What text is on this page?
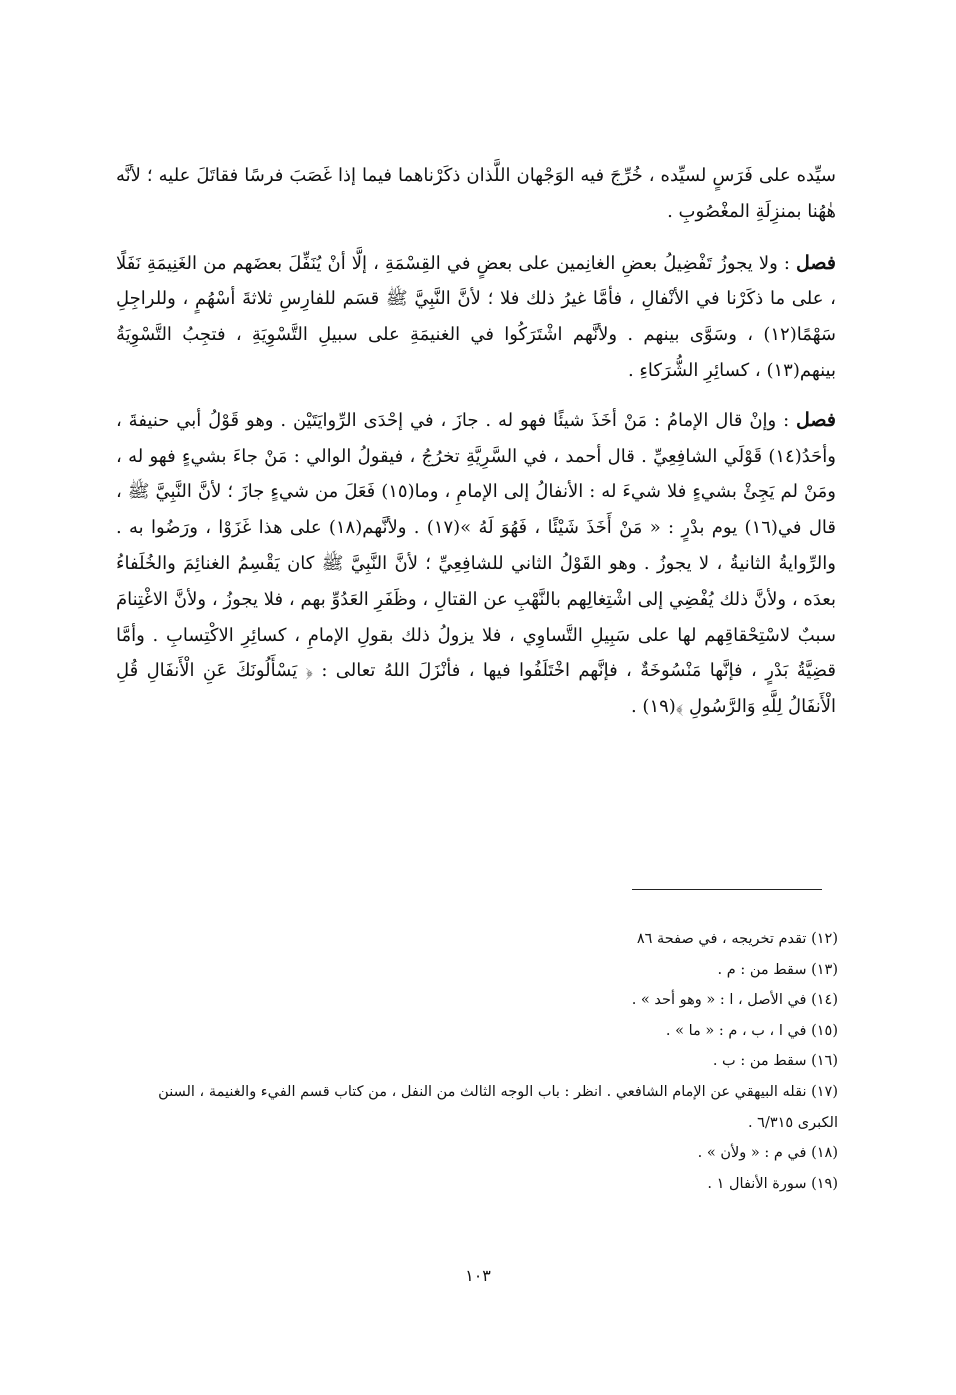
سيِّده على فَرَسٍ لسيِّده ، خُرِّجَ فيه الوَجْهان اللَّذان ذكَرْناهما فيما إذا غَصَبَ فرسًا فقاتَلَ عليه ؛ لأنَّه هٰهُنا بمنزِلَةِ المغْصُوبِ .

فصل : ولا يجوزُ تَفْضِيلُ بعضِ الغانِمين على بعضٍ في القِسْمَةِ ، إلَّا أنْ يُنَفِّلَ بعضَهم من الغَنِيمَةِ نَفَلًا ، على ما ذكَرْنا في الأنْفالِ ، فأمَّا غيرُ ذلك فلا ؛ لأنَّ النَّبِيَّ ﷺ قسَم للفارِسِ ثلاثةَ أسْهُمٍ ، وللراجِلِ سَهْمًا(١٢) ، وسَوَّى بينهم . ولأنَّهم اشْتَرَكُوا في الغنيمَةِ على سبيلِ التَّسْوِيَةِ ، فتجِبُ التَّسْوِيَةُ بينهم(١٣) ، كسائِرِ الشُّرَكاءِ .

فصل : وإنْ قال الإمامُ : مَنْ أخَذَ شيئًا فهو له . جازَ ، في إحْدَى الرِّوايَتَيْن . وهو قَوْلُ أبي حنيفةَ ، وأحَدُ(١٤) قَوْلَي الشافِعِيِّ . قال أحمد ، في السَّرِيَّةِ تخرُجُ ، فيقولُ الوالي : مَنْ جاءَ بشيءٍ فهو له ، ومَنْ لم يَجِئْ بشيءٍ فلا شيءَ له : الأنفالُ إلى الإمامِ ، وما(١٥) فَعَلَ من شيءٍ جازَ ؛ لأنَّ النَّبِيَّ ﷺ ، قال في(١٦) يوم بدْرٍ : « مَنْ أَخَذَ شَيْئًا ، فَهُوَ لَهُ »(١٧) . ولأنَّهم(١٨) على هذا غَزَوْا ، ورَضُوا به . والرِّوايةُ الثانيةُ ، لا يجوزُ . وهو القَوْلُ الثاني للشافِعِيِّ ؛ لأنَّ النَّبِيَّ ﷺ كان يَقْسِمُ الغنائِمَ والخُلَفاءُ بعدَه ، ولأنَّ ذلك يُفْضِي إلى اشْتِغالِهم بالنَّهْبِ عن القتالِ ، وظَفَرِ العَدُوِّ بهم ، فلا يجوزُ ، ولأنَّ الاغْتِنامَ سببٌ لاسْتِحْقاقِهم لها على سَبِيلِ التَّساوِي ، فلا يزولُ ذلك بقولِ الإمامِ ، كسائِرِ الاكْتِسابِ . وأمَّا قضِيَّةُ بَدْرٍ ، فإنَّها مَنْسُوخَةٌ ، فإنَّهم اخْتَلَفُوا فيها ، فأنْزَلَ اللهُ تعالى : ﴿ يَسْأَلُونَكَ عَنِ الْأَنفَالِ قُلِ الْأَنفَالُ لِلَّهِ وَالرَّسُولِ ﴾(١٩) .

(١٢) تقدم تخريجه ، في صفحة ٨٦
(١٣) سقط من : م .
(١٤) في الأصل ، ا : « وهو أحد » .
(١٥) في ا ، ب ، م : « ما » .
(١٦) سقط من : ب .
(١٧) نقله البيهقي عن الإمام الشافعي . انظر : باب الوجه الثالث من النفل ، من كتاب قسم الفيء والغنيمة ، السنن الكبرى ٦/٣١٥ .
(١٨) في م : « ولأن » .
(١٩) سورة الأنفال ١ .
١٠٣
